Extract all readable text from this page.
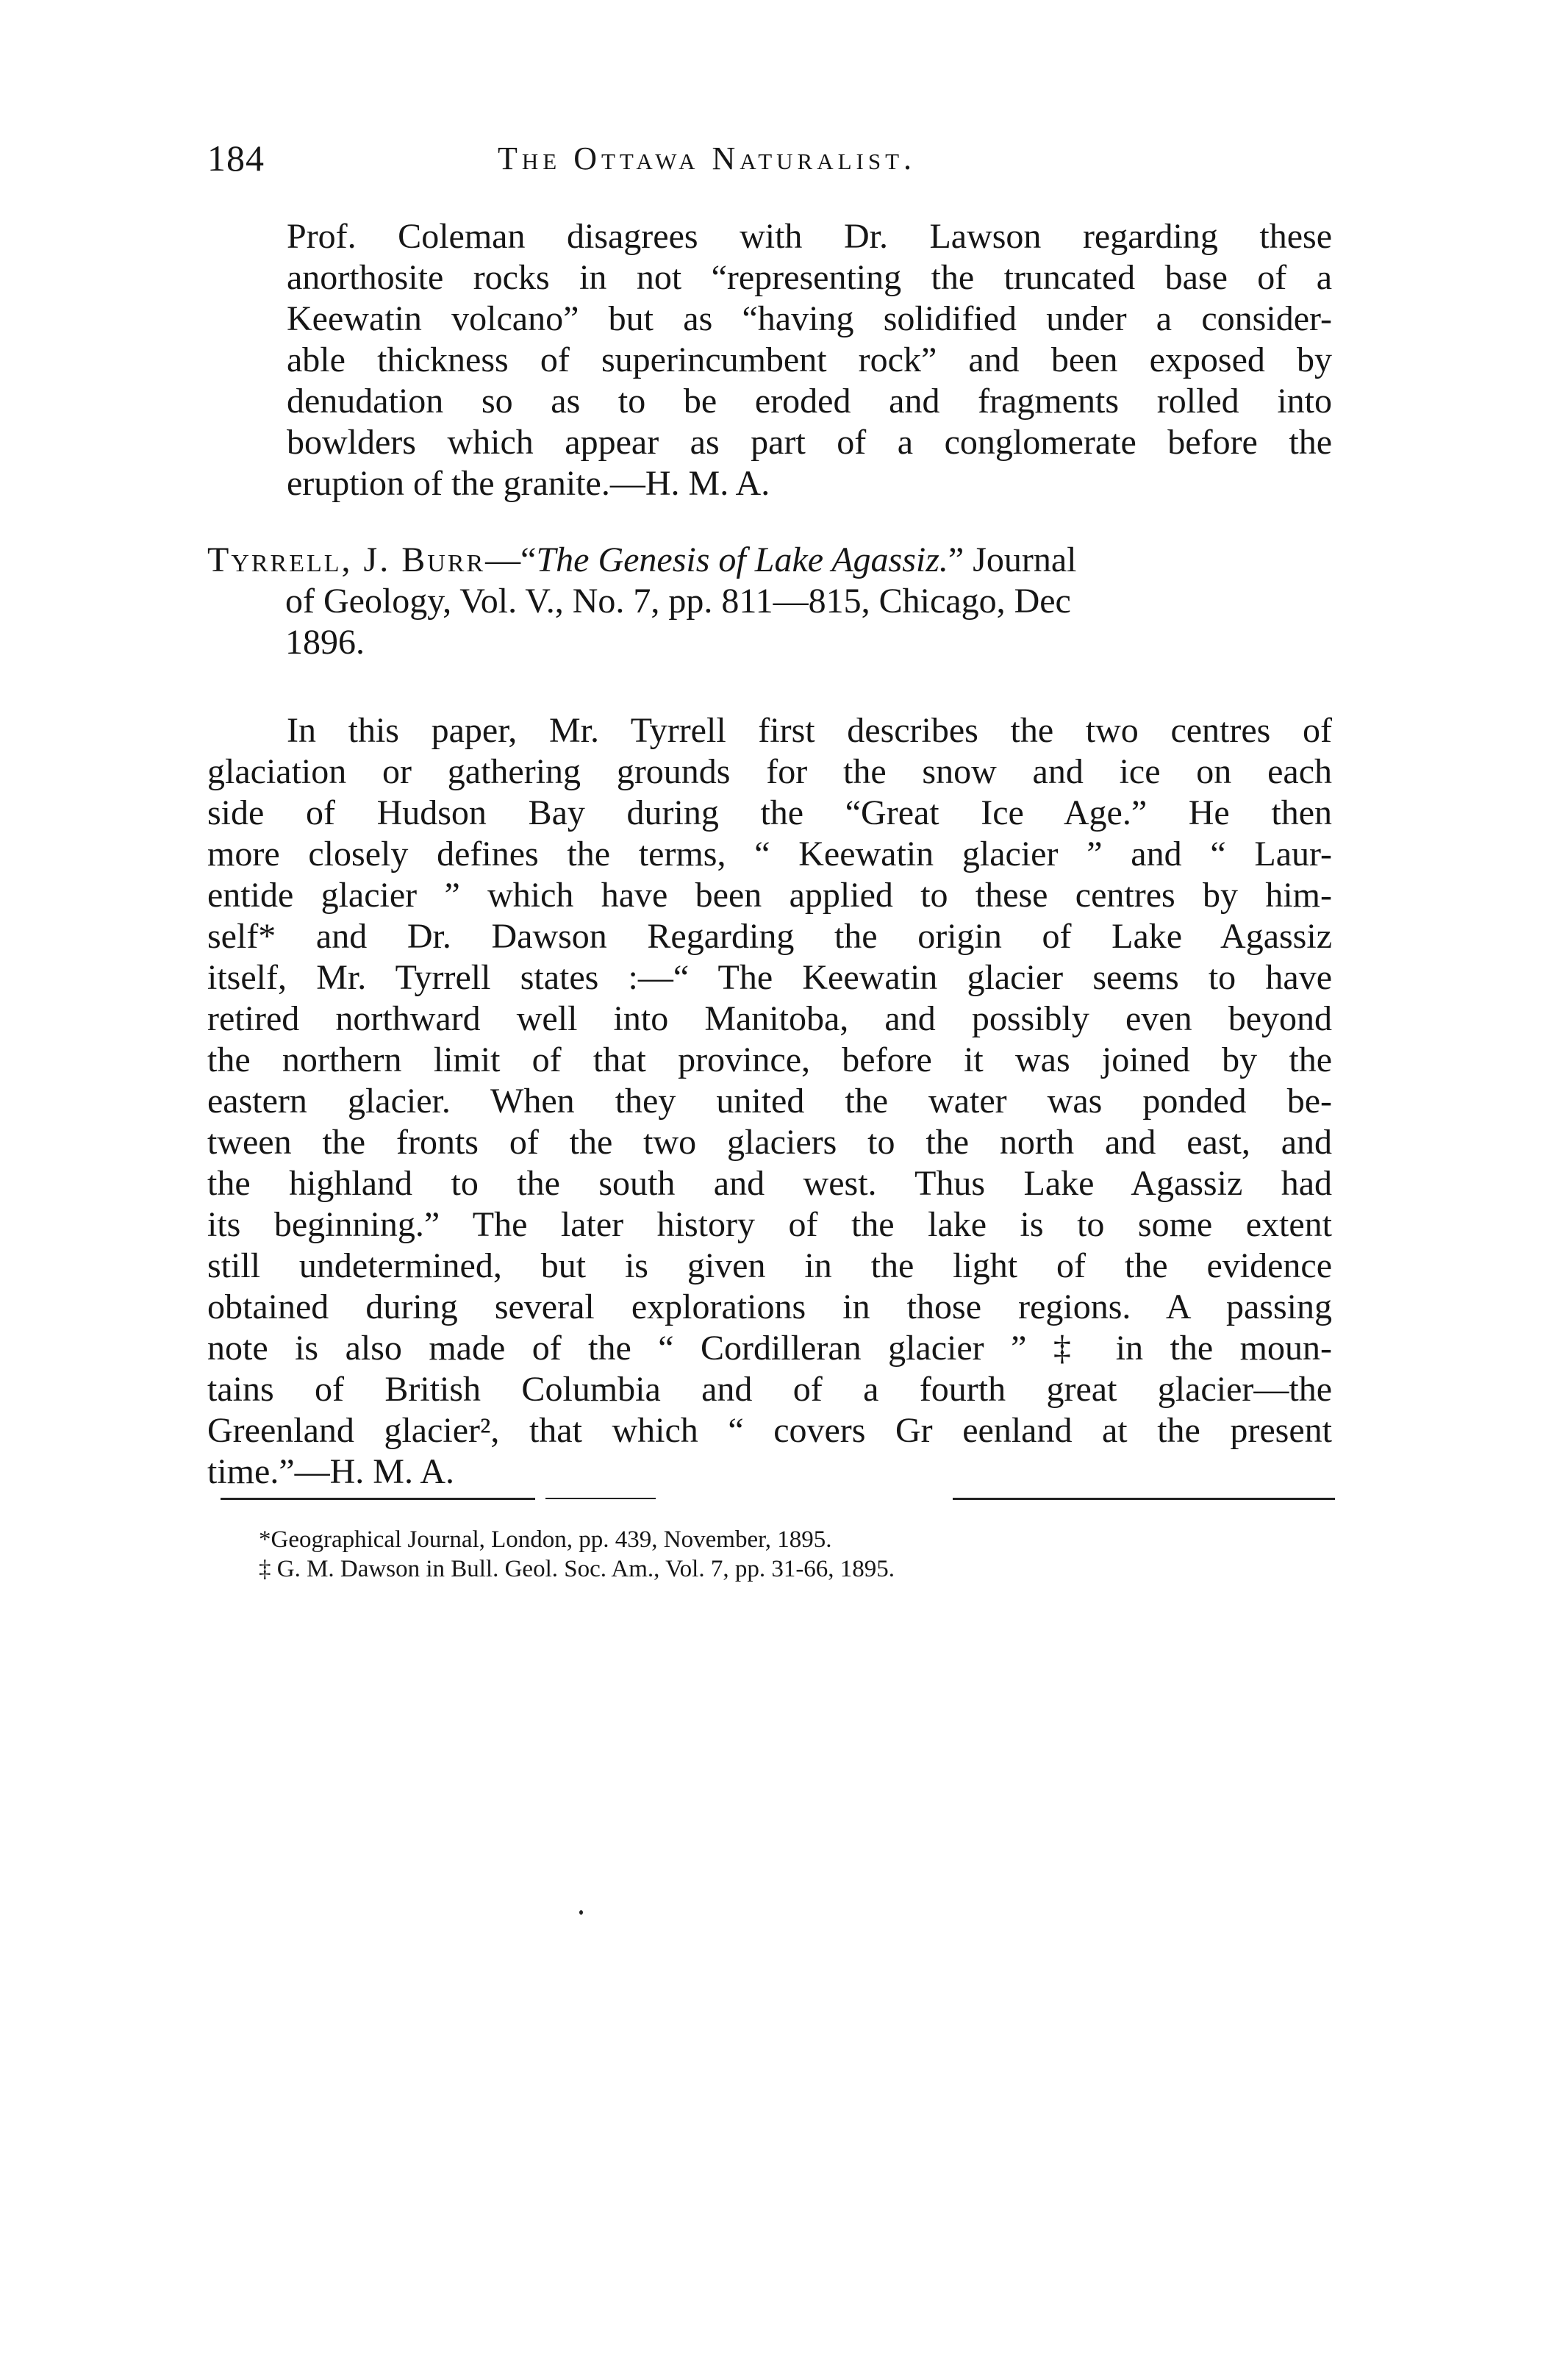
184	The Ottawa Naturalist.

Prof. Coleman disagrees with Dr. Lawson regarding these
anorthosite rocks in not “representing the truncated base of a
Keewatin volcano” but as “having solidified under a consider-
able thickness of superincumbent rock” and been exposed by
denudation so as to be eroded and fragments rolled into
bowlders which appear as part of a conglomerate before the
eruption of the granite.—H. M. A.

Tyrrell, J. Burr—“The Genesis of Lake Agassiz.” Journal
of Geology, Vol. V., No. 7, pp. 811—815, Chicago, Dec
1896.

In this paper, Mr. Tyrrell first describes the two centres of
glaciation or gathering grounds for the snow and ice on each
side of Hudson Bay during the “Great Ice Age.” He then
more closely defines the terms, “ Keewatin glacier ” and “ Laur-
entide glacier ” which have been applied to these centres by him-
self* and Dr. Dawson Regarding the origin of Lake Agassiz
itself, Mr. Tyrrell states :—“ The Keewatin glacier seems to have
retired northward well into Manitoba, and possibly even beyond
the northern limit of that province, before it was joined by the
eastern glacier. When they united the water was ponded be-
tween the fronts of the two glaciers to the north and east, and
the highland to the south and west. Thus Lake Agassiz had
its beginning.” The later history of the lake is to some extent
still undetermined, but is given in the light of the evidence
obtained during several explorations in those regions. A passing
note is also made of the “ Cordilleran glacier ” ‡ in the moun-
tains of British Columbia and of a fourth great glacier—the
Greenland glacier², that which “ covers Gr eenland at the present
time.”—H. M. A.

*Geographical Journal, London, pp. 439, November, 1895.
‡ G. M. Dawson in Bull. Geol. Soc. Am., Vol. 7, pp. 31-66, 1895.
